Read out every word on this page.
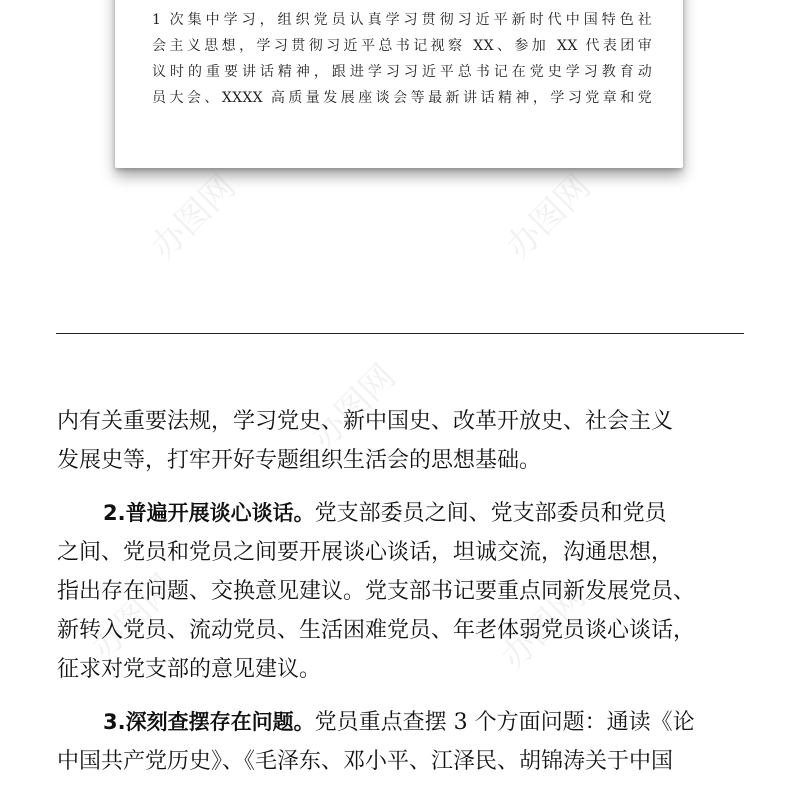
1 次集中学习，组织党员认真学习贯彻习近平新时代中国特色社
会主义思想，学习贯彻习近平总书记视察 XX、参加 XX 代表团审
议时的重要讲话精神，跟进学习习近平总书记在党史学习教育动
员大会、XXXX 高质量发展座谈会等最新讲话精神，学习党章和党
办图网	办图网
办图网
办图网	办图网
内有关重要法规，学习党史、新中国史、改革开放史、社会主义
发展史等，打牢开好专题组织生活会的思想基础。
2.普遍开展谈心谈话。党支部委员之间、党支部委员和党员
之间、党员和党员之间要开展谈心谈话，坦诚交流，沟通思想，
指出存在问题、交换意见建议。党支部书记要重点同新发展党员、
新转入党员、流动党员、生活困难党员、年老体弱党员谈心谈话，
征求对党支部的意见建议。
3.深刻查摆存在问题。党员重点查摆 3 个方面问题：通读《论
中国共产党历史》、《毛泽东、邓小平、江泽民、胡锦涛关于中国
